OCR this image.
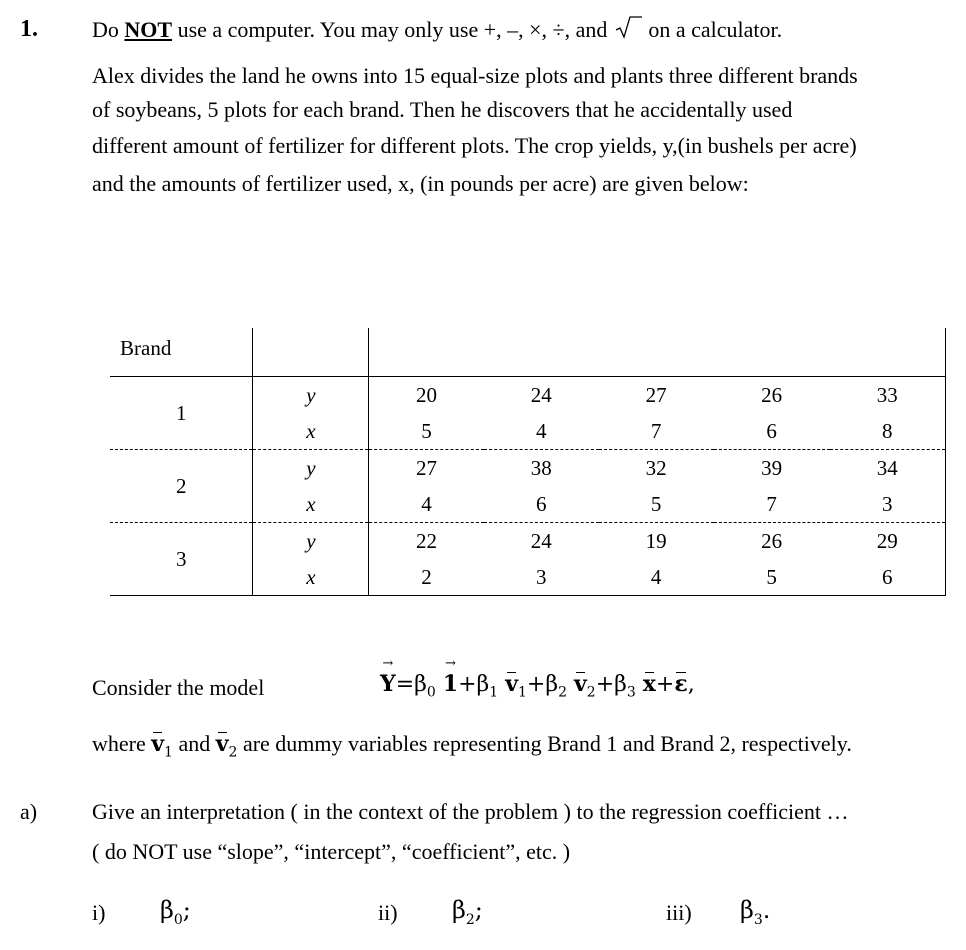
1. Do NOT use a computer. You may only use +, –, ×, ÷, and on a calculator.
Alex divides the land he owns into 15 equal-size plots and plants three different brands
of soybeans, 5 plots for each brand. Then he discovers that he accidentally used
different amount of fertilizer for different plots. The crop yields, y,(in bushels per acre)
and the amounts of fertilizer used, x, (in pounds per acre) are given below:
Brand						
1	y	20	24	27	26	33
	x	5	4	7	6	8
2	y	27	38	32	39	34
	x	4	6	5	7	3
3	y	22	24	19	26	29
	x	2	3	4	5	6
Consider the model	→ $Y=\beta_0 \to 1+\beta_1$ $v_1+\beta_2$ $v_2+\beta_3$ x+ε,
where $v_1$ and $v_2$ are dummy variables representing Brand 1 and Brand 2, respectively.
a) Give an interpretation ( in the context of the problem ) to the regression coefficient …
( do NOT use “slope”, “intercept”, “coefficient”, etc. )
i) $\beta_0$;	ii) $\beta_2$;	iii) $\beta_3$.
